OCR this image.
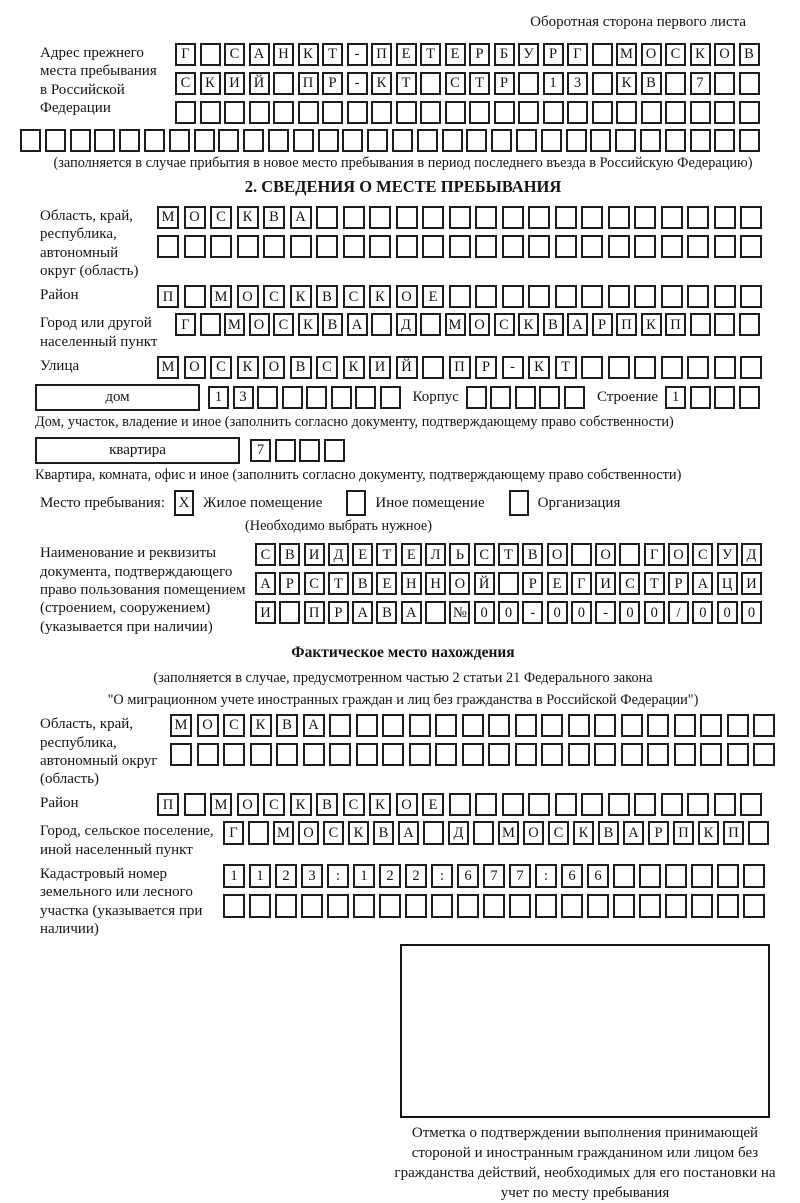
Оборотная сторона первого листа
Адрес прежнего места пребывания в Российской Федерации
Г	С А Н К	Т	-	П	Е	Т	Е	Р	Б	У	Р	Г	М О С	К О В
С	К И Й	П	Р	-	К	Т	С	Т	Р	1	3	К	В	7
(заполняется в случае прибытия в новое место пребывания в период последнего въезда в Российскую Федерацию)
2. СВЕДЕНИЯ О МЕСТЕ ПРЕБЫВАНИЯ
Область, край, республика, автономный округ (область)
М	О	С	К	В	А
Район	П	М	О	С	К	В	С	К	О	Е
Город или другой населенный пункт
Г	М О С	К	В А	Д	М О С	К	В А	Р	П К П
Улица	М	О	С	К	О	В	С	К	И	Й	П	Р	-	К	Т
дом	1	3	Корпус	Строение 1
Дом, участок, владение и иное (заполнить согласно документу, подтверждающему право собственности)
квартира	7
Квартира, комната, офис и иное (заполнить согласно документу, подтверждающему право собственности)
Место пребывания: X Жилое помещение	Иное помещение	Организация
(Необходимо выбрать нужное)
Наименование и реквизиты документа, подтверждающего право пользования помещением (строением, сооружением) (указывается при наличии)
С	В И Д	Е	Т	Е	Л	Ь	С	Т	В О	О	Г	О С У Д
А	Р	С	Т	В	Е	Н Н О Й	Р	Е	Г	И С	Т	Р	А Ц И
И	П	Р	А В А	№ 0	0	-	0	0	-	0	0	/	0	0	0
Фактическое место нахождения
(заполняется в случае, предусмотренном частью 2 статьи 21 Федерального закона
"О миграционном учете иностранных граждан и лиц без гражданства в Российской Федерации")
Область, край, республика, автономный округ (область)
М	О	С	К	В	А
Район	П	М	О	С	К	В	С	К	О	Е
Город, сельское поселение, иной населенный пункт
Г	М О	С	К	В	А	Д	М О	С	К	В	А	Р	П	К	П
Кадастровый номер земельного или лесного участка (указывается при наличии)
1	1	2	3	:	1	2	2	:	6	7	7	:	6	6
Отметка о подтверждении выполнения принимающей стороной и иностранным гражданином или лицом без гражданства действий, необходимых для его постановки на учет по месту пребывания
